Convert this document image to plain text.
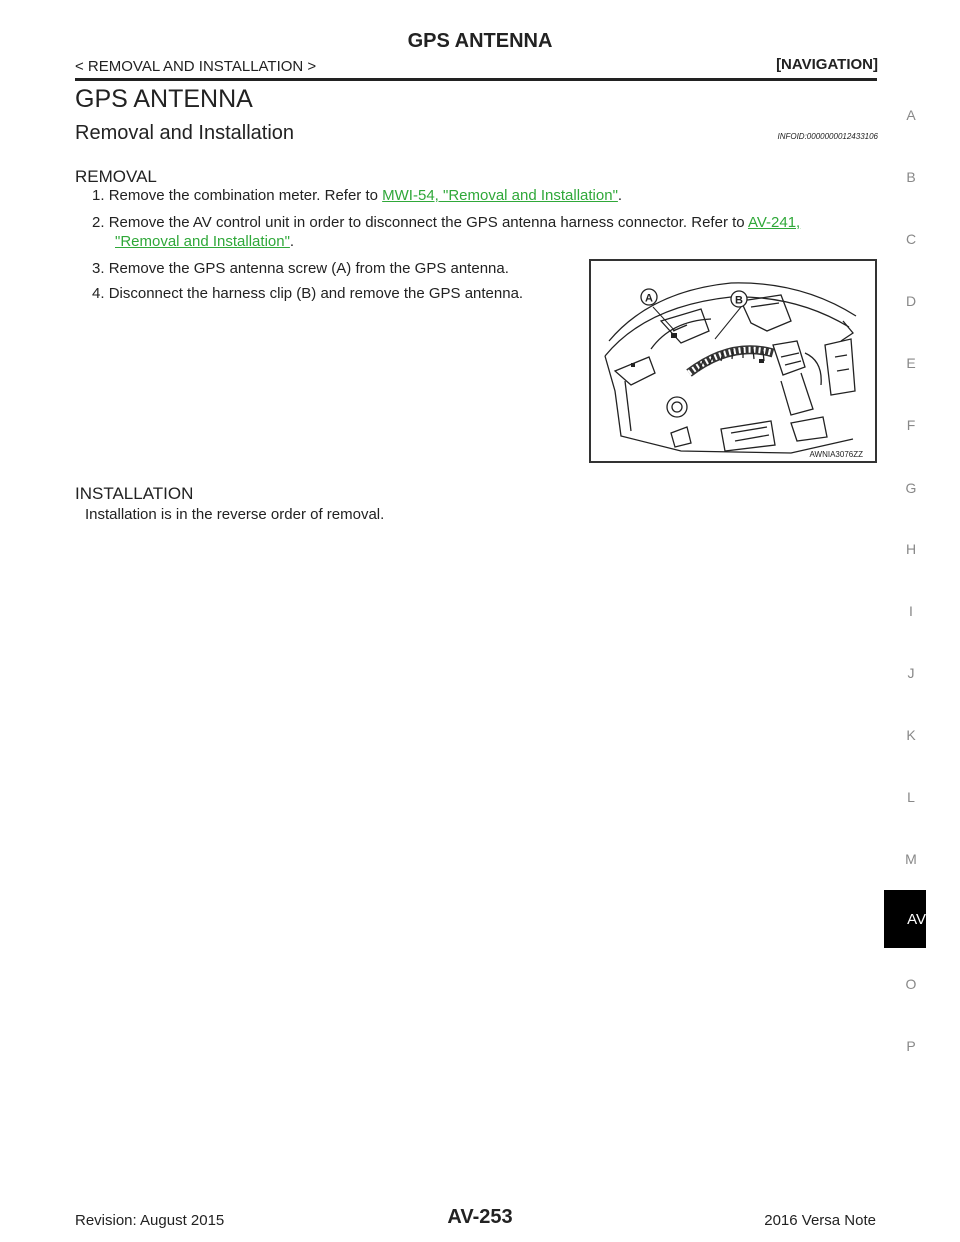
GPS ANTENNA
< REMOVAL AND INSTALLATION >	[NAVIGATION]
GPS ANTENNA
Removal and Installation	INFOID:0000000012433106
REMOVAL
1. Remove the combination meter. Refer to MWI-54, "Removal and Installation".
2. Remove the AV control unit in order to disconnect the GPS antenna harness connector. Refer to AV-241,
"Removal and Installation".
3. Remove the GPS antenna screw (A) from the GPS antenna.
4. Disconnect the harness clip (B) and remove the GPS antenna.	A	B
AWNIA3076ZZ
INSTALLATION
Installation is in the reverse order of removal.
A
B
C
D
E
F
G
H
I
J
K
L
M
O
P
AV
Revision: August 2015	AV-253	2016 Versa Note
